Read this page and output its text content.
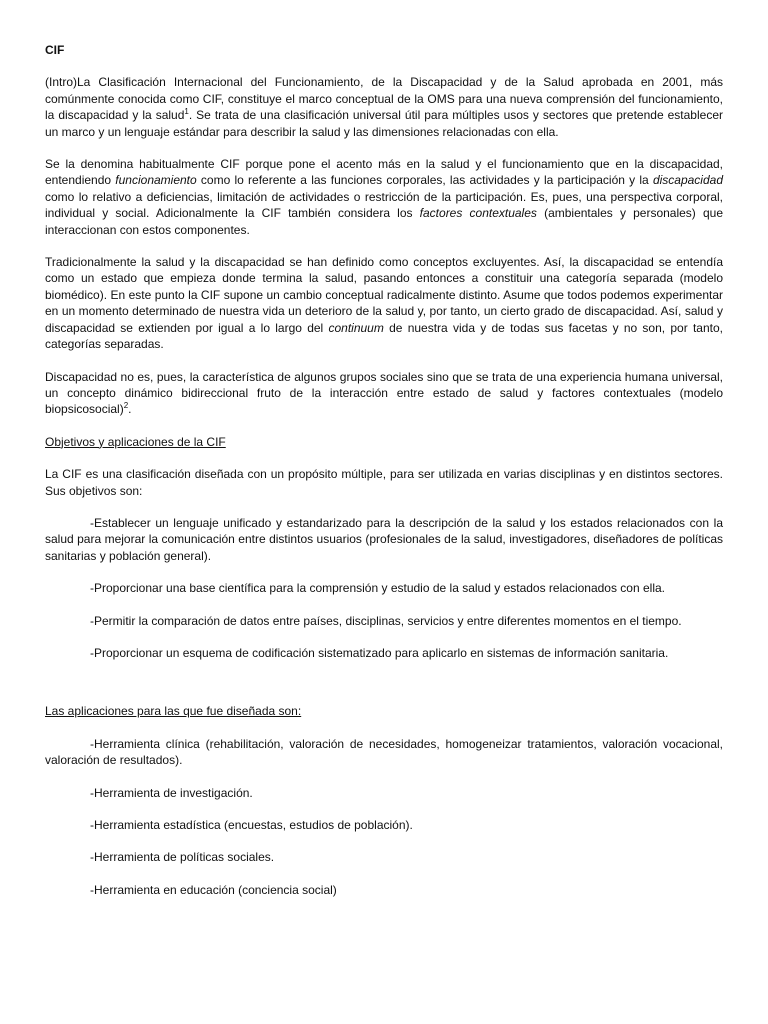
CIF

(Intro)La Clasificación Internacional del Funcionamiento, de la Discapacidad y de la Salud aprobada en 2001, más comúnmente conocida como CIF, constituye el marco conceptual de la OMS para una nueva comprensión del funcionamiento, la discapacidad y la salud$^1$. Se trata de una clasificación universal útil para múltiples usos y sectores que pretende establecer un marco y un lenguaje estándar para describir la salud y las dimensiones relacionadas con ella.

Se la denomina habitualmente CIF porque pone el acento más en la salud y el funcionamiento que en la discapacidad, entendiendo funcionamiento como lo referente a las funciones corporales, las actividades y la participación y la discapacidad como lo relativo a deficiencias, limitación de actividades o restricción de la participación. Es, pues, una perspectiva corporal, individual y social. Adicionalmente la CIF también considera los factores contextuales (ambientales y personales) que interaccionan con estos componentes.

Tradicionalmente la salud y la discapacidad se han definido como conceptos excluyentes. Así, la discapacidad se entendía como un estado que empieza donde termina la salud, pasando entonces a constituir una categoría separada (modelo biomédico). En este punto la CIF supone un cambio conceptual radicalmente distinto. Asume que todos podemos experimentar en un momento determinado de nuestra vida un deterioro de la salud y, por tanto, un cierto grado de discapacidad. Así, salud y discapacidad se extienden por igual a lo largo del continuum de nuestra vida y de todas sus facetas y no son, por tanto, categorías separadas.

Discapacidad no es, pues, la característica de algunos grupos sociales sino que se trata de una experiencia humana universal, un concepto dinámico bidireccional fruto de la interacción entre estado de salud y factores contextuales (modelo biopsicosocial)$^2$.

Objetivos y aplicaciones de la CIF

La CIF es una clasificación diseñada con un propósito múltiple, para ser utilizada en varias disciplinas y en distintos sectores. Sus objetivos son:

-Establecer un lenguaje unificado y estandarizado para la descripción de la salud y los estados relacionados con la salud para mejorar la comunicación entre distintos usuarios (profesionales de la salud, investigadores, diseñadores de políticas sanitarias y población general).

-Proporcionar una base científica para la comprensión y estudio de la salud y estados relacionados con ella.

-Permitir la comparación de datos entre países, disciplinas, servicios y entre diferentes momentos en el tiempo.

-Proporcionar un esquema de codificación sistematizado para aplicarlo en sistemas de información sanitaria.

Las aplicaciones para las que fue diseñada son:

-Herramienta clínica (rehabilitación, valoración de necesidades, homogeneizar tratamientos, valoración vocacional, valoración de resultados).

-Herramienta de investigación.

-Herramienta estadística (encuestas, estudios de población).

-Herramienta de políticas sociales.

-Herramienta en educación (conciencia social)
